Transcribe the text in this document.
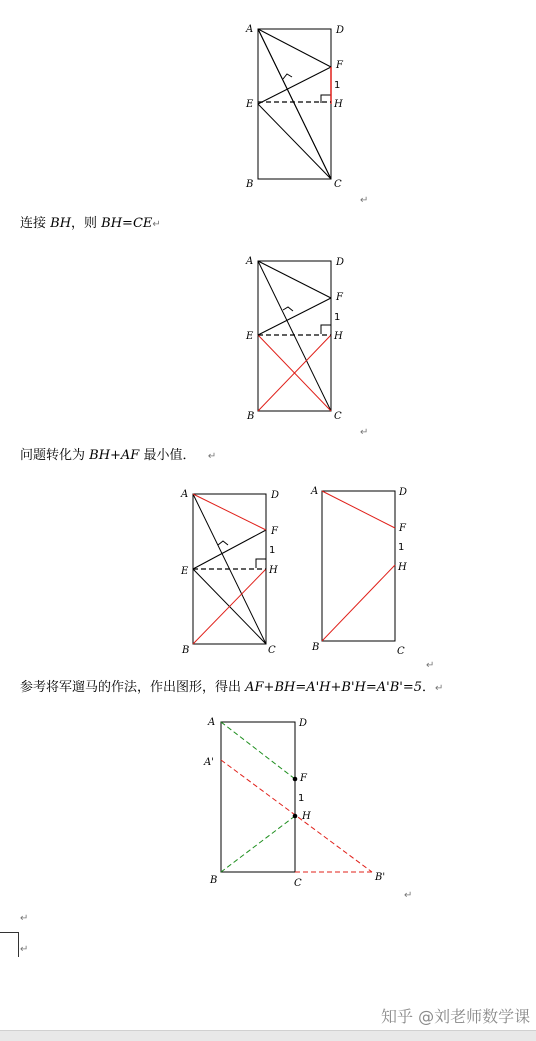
A	D
F
1
E	H
B	C
↵
连接 BH，则 BH=CE↵
A	D
F
1
E	H
B	C
↵
问题转化为 BH+AF 最小值． ↵
A	D
F
1
E	H
B	C
A	D
F
1
H
B	C
↵
参考将军遛马的作法，作出图形，得出 AF+BH=A'H+B'H=A'B'=5．↵
A	D
A'
F
1
H
B	C
B'
↵
↵
↵
知乎 @刘老师数学课
